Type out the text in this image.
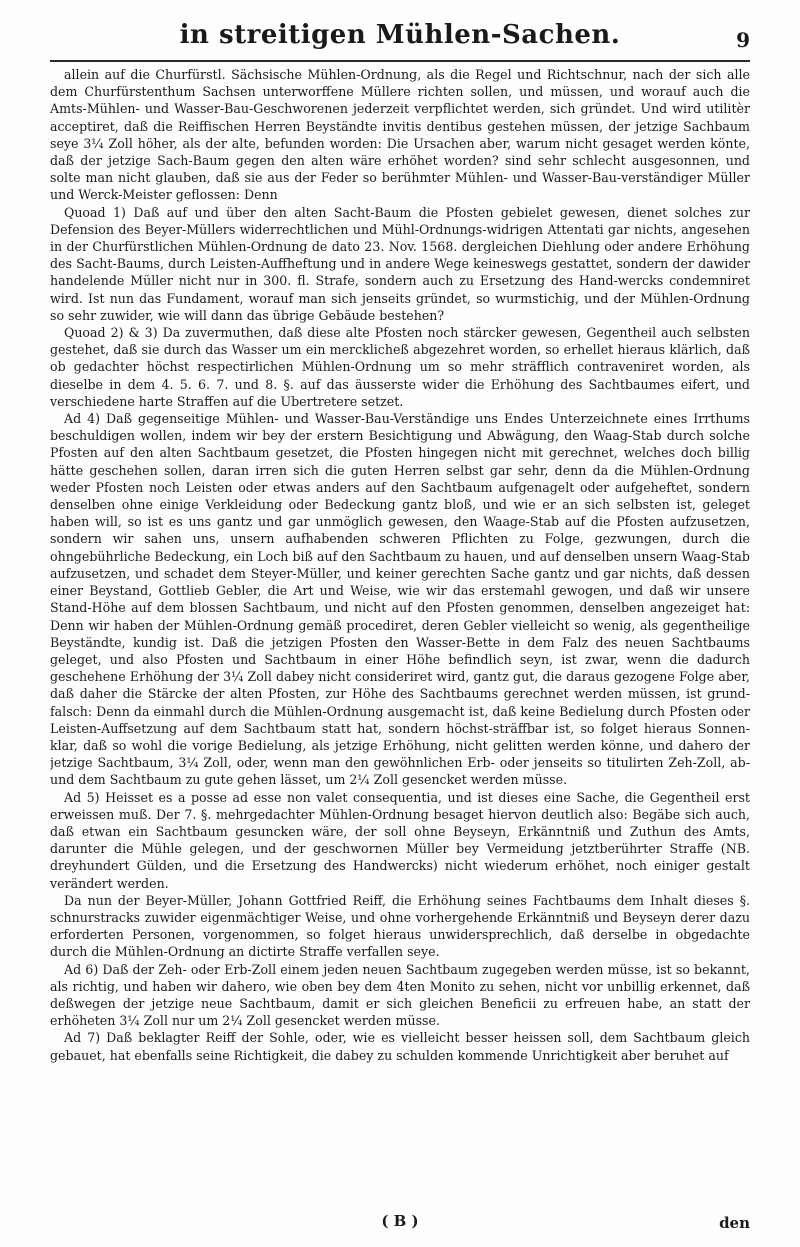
in streitigen Mühlen-Sachen.	9

allein auf die Churfürstl. Sächsische Mühlen-Ordnung, als die Regel und Richtschnur, nach der sich alle dem Churfürstenthum Sachsen unterworffene Müllere richten sollen, und müssen, und worauf auch die Amts-Mühlen- und Wasser-Bau-Geschworenen jederzeit verpflichtet werden, sich gründet. Und wird utilitèr acceptiret, daß die Reiffischen Herren Beyständte invitis dentibus gestehen müssen, der jetzige Sachbaum seye 3¼ Zoll höher, als der alte, befunden worden: Die Ursachen aber, warum nicht gesaget werden könte, daß der jetzige Sach-Baum gegen den alten wäre erhöhet worden? sind sehr schlecht ausgesonnen, und solte man nicht glauben, daß sie aus der Feder so berühmter Mühlen- und Wasser-Bau-verständiger Müller und Werck-Meister geflossen: Denn

Quoad 1) Daß auf und über den alten Sacht-Baum die Pfosten gebielet gewesen, dienet solches zur Defension des Beyer-Müllers widerrechtlichen und Mühl-Ordnungs-widrigen Attentati gar nichts, angesehen in der Churfürstlichen Mühlen-Ordnung de dato 23. Nov. 1568. dergleichen Diehlung oder andere Erhöhung des Sacht-Baums, durch Leisten-Auffheftung und in andere Wege keineswegs gestattet, sondern der dawider handelende Müller nicht nur in 300. fl. Strafe, sondern auch zu Ersetzung des Hand-wercks condemniret wird. Ist nun das Fundament, worauf man sich jenseits gründet, so wurmstichig, und der Mühlen-Ordnung so sehr zuwider, wie will dann das übrige Gebäude bestehen?

Quoad 2) & 3) Da zuvermuthen, daß diese alte Pfosten noch stärcker gewesen, Gegentheil auch selbsten gestehet, daß sie durch das Wasser um ein mercklicheß abgezehret worden, so erhellet hieraus klärlich, daß ob gedachter höchst respectirlichen Mühlen-Ordnung um so mehr sträfflich contraveniret worden, als dieselbe in dem 4. 5. 6. 7. und 8. §. auf das äusserste wider die Erhöhung des Sachtbaumes eifert, und verschiedene harte Straffen auf die Ubertretere setzet.

Ad 4) Daß gegenseitige Mühlen- und Wasser-Bau-Verständige uns Endes Unterzeichnete eines Irrthums beschuldigen wollen, indem wir bey der erstern Besichtigung und Abwägung, den Waag-Stab durch solche Pfosten auf den alten Sachtbaum gesetzet, die Pfosten hingegen nicht mit gerechnet, welches doch billig hätte geschehen sollen, daran irren sich die guten Herren selbst gar sehr, denn da die Mühlen-Ordnung weder Pfosten noch Leisten oder etwas anders auf den Sachtbaum aufgenagelt oder aufgeheftet, sondern denselben ohne einige Verkleidung oder Bedeckung gantz bloß, und wie er an sich selbsten ist, geleget haben will, so ist es uns gantz und gar unmöglich gewesen, den Waage-Stab auf die Pfosten aufzusetzen, sondern wir sahen uns, unsern aufhabenden schweren Pflichten zu Folge, gezwungen, durch die ohngebührliche Bedeckung, ein Loch biß auf den Sachtbaum zu hauen, und auf denselben unsern Waag-Stab aufzusetzen, und schadet dem Steyer-Müller, und keiner gerechten Sache gantz und gar nichts, daß dessen einer Beystand, Gottlieb Gebler, die Art und Weise, wie wir das erstemahl gewogen, und daß wir unsere Stand-Höhe auf dem blossen Sachtbaum, und nicht auf den Pfosten genommen, denselben angezeiget hat: Denn wir haben der Mühlen-Ordnung gemäß procediret, deren Gebler vielleicht so wenig, als gegentheilige Beyständte, kundig ist. Daß die jetzigen Pfosten den Wasser-Bette in dem Falz des neuen Sachtbaums geleget, und also Pfosten und Sachtbaum in einer Höhe befindlich seyn, ist zwar, wenn die dadurch geschehene Erhöhung der 3¼ Zoll dabey nicht consideriret wird, gantz gut, die daraus gezogene Folge aber, daß daher die Stärcke der alten Pfosten, zur Höhe des Sachtbaums gerechnet werden müssen, ist grund-falsch: Denn da einmahl durch die Mühlen-Ordnung ausgemacht ist, daß keine Bedielung durch Pfosten oder Leisten-Auffsetzung auf dem Sachtbaum statt hat, sondern höchst-sträffbar ist, so folget hieraus Sonnen-klar, daß so wohl die vorige Bedielung, als jetzige Erhöhung, nicht gelitten werden könne, und dahero der jetzige Sachtbaum, 3¼ Zoll, oder, wenn man den gewöhnlichen Erb- oder jenseits so titulirten Zeh-Zoll, ab- und dem Sachtbaum zu gute gehen lässet, um 2¼ Zoll gesencket werden müsse.

Ad 5) Heisset es a posse ad esse non valet consequentia, und ist dieses eine Sache, die Gegentheil erst erweissen muß. Der 7. §. mehrgedachter Mühlen-Ordnung besaget hiervon deutlich also: Begäbe sich auch, daß etwan ein Sachtbaum gesuncken wäre, der soll ohne Beyseyn, Erkänntniß und Zuthun des Amts, darunter die Mühle gelegen, und der geschwornen Müller bey Vermeidung jetztberührter Straffe (NB. dreyhundert Gülden, und die Ersetzung des Handwercks) nicht wiederum erhöhet, noch einiger gestalt verändert werden.

Da nun der Beyer-Müller, Johann Gottfried Reiff, die Erhöhung seines Fachtbaums dem Inhalt dieses §. schnurstracks zuwider eigenmächtiger Weise, und ohne vorhergehende Erkänntniß und Beyseyn derer dazu erforderten Personen, vorgenommen, so folget hieraus unwidersprechlich, daß derselbe in obgedachte durch die Mühlen-Ordnung an dictirte Straffe verfallen seye.

Ad 6) Daß der Zeh- oder Erb-Zoll einem jeden neuen Sachtbaum zugegeben werden müsse, ist so bekannt, als richtig, und haben wir dahero, wie oben bey dem 4ten Monito zu sehen, nicht vor unbillig erkennet, daß deßwegen der jetzige neue Sachtbaum, damit er sich gleichen Beneficii zu erfreuen habe, an statt der erhöheten 3¼ Zoll nur um 2¼ Zoll gesencket werden müsse.

Ad 7) Daß beklagter Reiff der Sohle, oder, wie es vielleicht besser heissen soll, dem Sachtbaum gleich gebauet, hat ebenfalls seine Richtigkeit, die dabey zu schulden kommende Unrichtigkeit aber beruhet auf

( B )	den
